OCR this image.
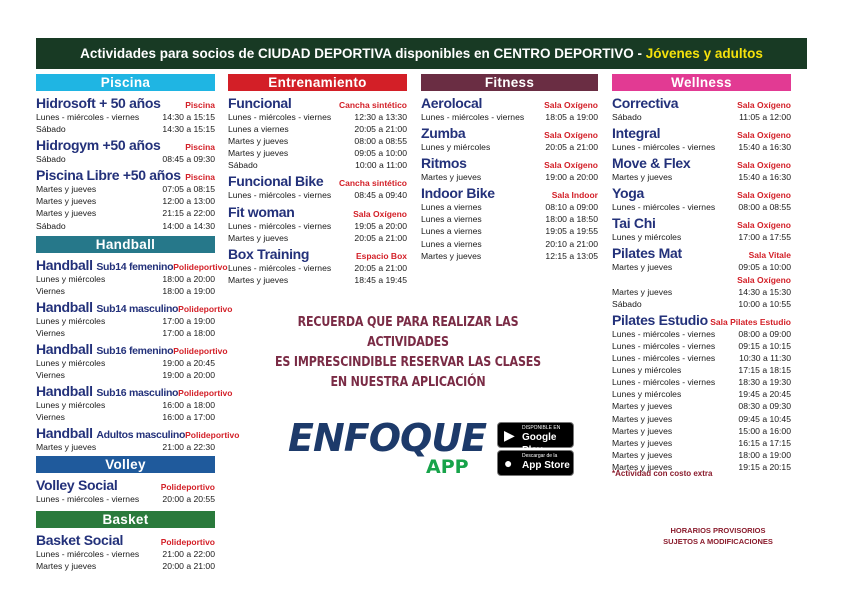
Actividades para socios de CIUDAD DEPORTIVA disponibles en CENTRO DEPORTIVO - Jóvenes y adultos
Piscina
Hidrosoft + 50 años	Piscina
Lunes - miércoles - viernes	14:30 a 15:15
Sábado	14:30 a 15:15
Hidrogym +50 años	Piscina
Sábado	08:45 a 09:30
Piscina Libre +50 años Piscina
Martes y jueves	07:05 a 08:15
Martes y jueves	12:00 a 13:00
Martes y jueves	21:15 a 22:00
Sábado	14:00 a 14:30
Handball
Handball Sub14 femenino Polideportivo
Lunes y miércoles	18:00 a 20:00
Viernes	18:00 a 19:00
Handball Sub14 masculino Polideportivo
Lunes y miércoles	17:00 a 19:00
Viernes	17:00 a 18:00
Handball Sub16 femenino Polideportivo
Lunes y miércoles	19:00 a 20:45
Viernes	19:00 a 20:00
Handball Sub16 masculino Polideportivo
Lunes y miércoles	16:00 a 18:00
Viernes	16:00 a 17:00
Handball Adultos masculino Polideportivo
Martes y jueves	21:00 a 22:30
Volley
Volley Social	Polideportivo
Lunes - miércoles - viernes	20:00 a 20:55
Basket
Basket Social	Polideportivo
Lunes - miércoles - viernes	21:00 a 22:00
Martes y jueves	20:00 a 21:00
Entrenamiento
Funcional	Cancha sintético
Lunes - miércoles - viernes	12:30 a 13:30
Lunes a viernes	20:05 a 21:00
Martes y jueves	08:00 a 08:55
Martes y jueves	09:05 a 10:00
Sábado	10:00 a 11:00
Funcional Bike Cancha sintético
Lunes - miércoles - viernes	08:45 a 09:40
Fit woman	Sala Oxígeno
Lunes - miércoles - viernes	19:05 a 20:00
Martes y jueves	20:05 a 21:00
Box Training	Espacio Box
Lunes - miércoles - viernes	20:05 a 21:00
Martes y jueves	18:45 a 19:45
Fitness
Aerolocal	Sala Oxígeno
Lunes - miércoles - viernes 18:05 a 19:00
Zumba	Sala Oxígeno
Lunes y miércoles	20:05 a 21:00
Ritmos	Sala Oxígeno
Martes y jueves	19:00 a 20:00
Indoor Bike	Sala Indoor
Lunes a viernes	08:10 a 09:00
Lunes a viernes	18:00 a 18:50
Lunes a viernes	19:05 a 19:55
Lunes a viernes	20:10 a 21:00
Martes y jueves	12:15 a 13:05
Wellness
Correctiva	Sala Oxígeno
Sábado	11:05 a 12:00
Integral	Sala Oxígeno
Lunes - miércoles - viernes	15:40 a 16:30
Move & Flex	Sala Oxígeno
Martes y jueves	15:40 a 16:30
Yoga	Sala Oxígeno
Lunes - miércoles - viernes	08:00 a 08:55
Tai Chi	Sala Oxígeno
Lunes y miércoles	17:00 a 17:55
Pilates Mat	Sala Vitale
Martes y jueves	09:05 a 10:00
Sala Oxígeno
Martes y jueves	14:30 a 15:30
Sábado	10:00 a 10:55
Pilates Estudio Sala Pilates Estudio
Lunes - miércoles - viernes	08:00 a 09:00
Lunes - miércoles - viernes	09:15 a 10:15
Lunes - miércoles - viernes	10:30 a 11:30
Lunes y miércoles	17:15 a 18:15
Lunes - miércoles - viernes	18:30 a 19:30
Lunes y miércoles	19:45 a 20:45
Martes y jueves	08:30 a 09:30
Martes y jueves	09:45 a 10:45
Martes y jueves	15:00 a 16:00
Martes y jueves	16:15 a 17:15
Martes y jueves	18:00 a 19:00
Martes y jueves	19:15 a 20:15
RECUERDA QUE PARA REALIZAR LAS ACTIVIDADES
ES IMPRESCINDIBLE RESERVAR LAS CLASES
EN NUESTRA APLICACIÓN
ENFOQUE
APP
▶ DISPONIBLE EN
Google
● Descargar de la
App Store
*Actividad con costo extra
HORARIOS PROVISORIOS
SUJETOS A MODIFICACIONES
